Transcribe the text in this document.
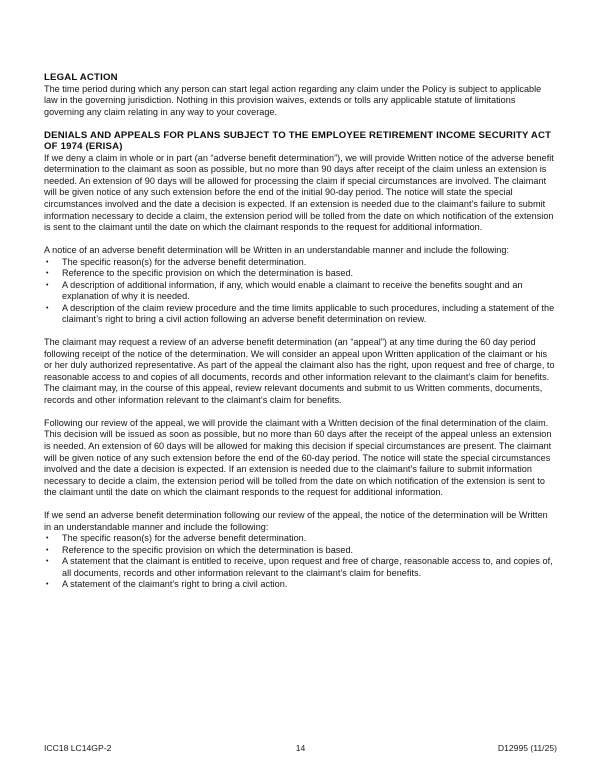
LEGAL ACTION

The time period during which any person can start legal action regarding any claim under the Policy is subject to applicable law in the governing jurisdiction. Nothing in this provision waives, extends or tolls any applicable statute of limitations governing any claim relating in any way to your coverage.

DENIALS AND APPEALS FOR PLANS SUBJECT TO THE EMPLOYEE RETIREMENT INCOME SECURITY ACT OF 1974 (ERISA)

If we deny a claim in whole or in part (an “adverse benefit determination”), we will provide Written notice of the adverse benefit determination to the claimant as soon as possible, but no more than 90 days after receipt of the claim unless an extension is needed. An extension of 90 days will be allowed for processing the claim if special circumstances are involved. The claimant will be given notice of any such extension before the end of the initial 90-day period. The notice will state the special circumstances involved and the date a decision is expected. If an extension is needed due to the claimant’s failure to submit information necessary to decide a claim, the extension period will be tolled from the date on which notification of the extension is sent to the claimant until the date on which the claimant responds to the request for additional information.

A notice of an adverse benefit determination will be Written in an understandable manner and include the following:

• The specific reason(s) for the adverse benefit determination.
• Reference to the specific provision on which the determination is based.
• A description of additional information, if any, which would enable a claimant to receive the benefits sought and an explanation of why it is needed.
• A description of the claim review procedure and the time limits applicable to such procedures, including a statement of the claimant’s right to bring a civil action following an adverse benefit determination on review.

The claimant may request a review of an adverse benefit determination (an “appeal”) at any time during the 60 day period following receipt of the notice of the determination. We will consider an appeal upon Written application of the claimant or his or her duly authorized representative. As part of the appeal the claimant also has the right, upon request and free of charge, to reasonable access to and copies of all documents, records and other information relevant to the claimant’s claim for benefits. The claimant may, in the course of this appeal, review relevant documents and submit to us Written comments, documents, records and other information relevant to the claimant’s claim for benefits.

Following our review of the appeal, we will provide the claimant with a Written decision of the final determination of the claim. This decision will be issued as soon as possible, but no more than 60 days after the receipt of the appeal unless an extension is needed. An extension of 60 days will be allowed for making this decision if special circumstances are present. The claimant will be given notice of any such extension before the end of the 60-day period. The notice will state the special circumstances involved and the date a decision is expected. If an extension is needed due to the claimant’s failure to submit information necessary to decide a claim, the extension period will be tolled from the date on which notification of the extension is sent to the claimant until the date on which the claimant responds to the request for additional information.

If we send an adverse benefit determination following our review of the appeal, the notice of the determination will be Written in an understandable manner and include the following:

• The specific reason(s) for the adverse benefit determination.
• Reference to the specific provision on which the determination is based.
• A statement that the claimant is entitled to receive, upon request and free of charge, reasonable access to, and copies of, all documents, records and other information relevant to the claimant’s claim for benefits.
• A statement of the claimant’s right to bring a civil action.
ICC18 LC14GP-2	14	D12995 (11/25)
